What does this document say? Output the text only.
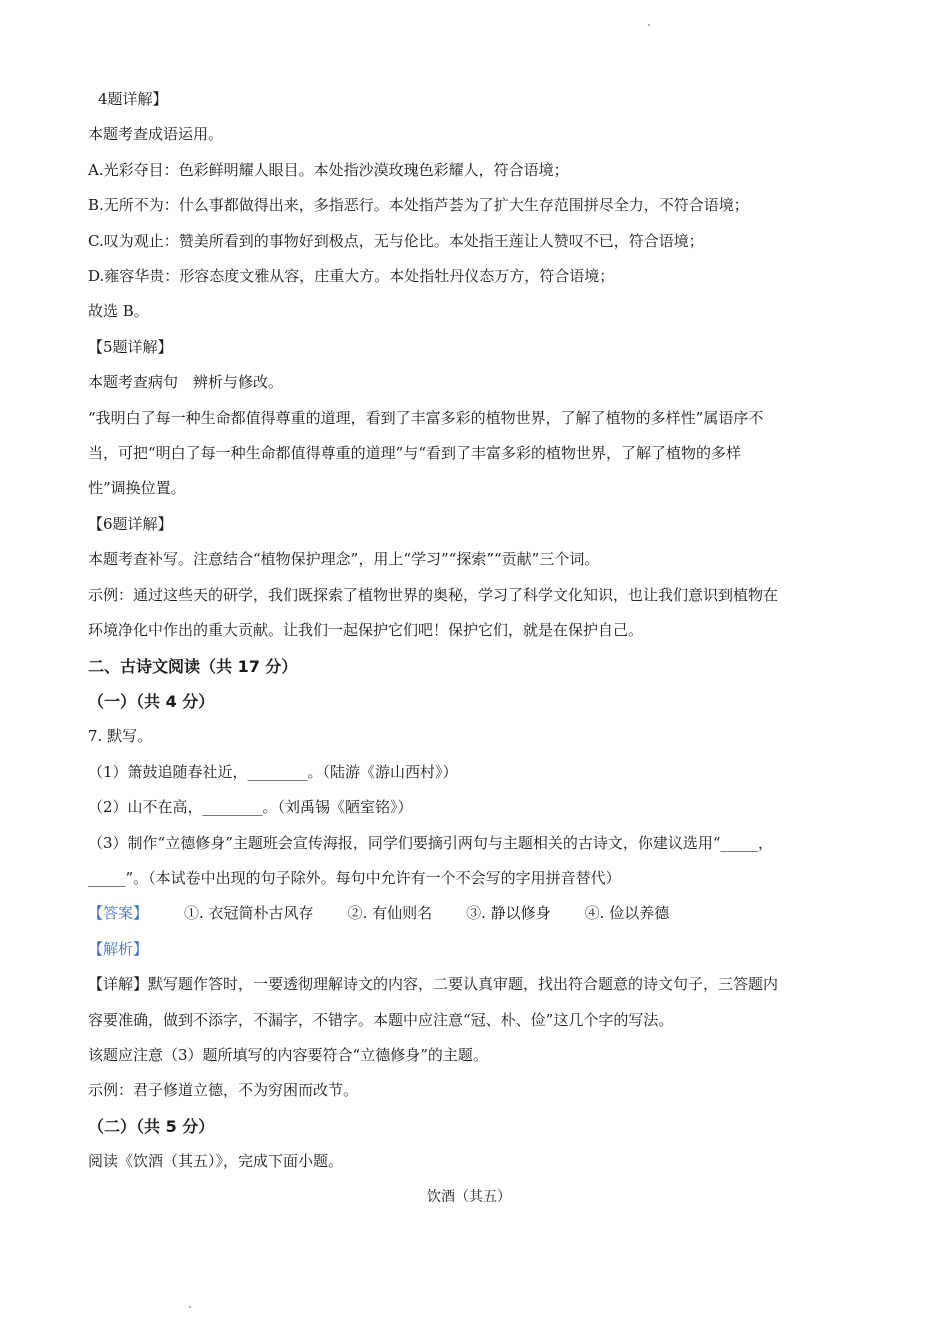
4题详解】
本题考查成语运用。
A.光彩夺目：色彩鲜明耀人眼目。本处指沙漠玫瑰色彩耀人，符合语境；
B.无所不为：什么事都做得出来，多指恶行。本处指芦荟为了扩大生存范围拼尽全力，不符合语境；
C.叹为观止：赞美所看到的事物好到极点，无与伦比。本处指王莲让人赞叹不已，符合语境；
D.雍容华贵：形容态度文雅从容，庄重大方。本处指牡丹仪态万方，符合语境；
故选 B。
【5题详解】
本题考查病句　辨析与修改。
“我明白了每一种生命都值得尊重的道理，看到了丰富多彩的植物世界，了解了植物的多样性”属语序不
当，可把“明白了每一种生命都值得尊重的道理”与“看到了丰富多彩的植物世界，了解了植物的多样
性”调换位置。
【6题详解】
本题考查补写。注意结合“植物保护理念”，用上“学习”“探索”“贡献”三个词。
示例：通过这些天的研学，我们既探索了植物世界的奥秘，学习了科学文化知识，也让我们意识到植物在
环境净化中作出的重大贡献。让我们一起保护它们吧！保护它们，就是在保护自己。
二、古诗文阅读（共 17 分）
（一）（共 4 分）
7. 默写。
（1）箫鼓追随春社近，________。（陆游《游山西村》）
（2）山不在高，________。（刘禹锡《陋室铭》）
（3）制作“立德修身”主题班会宣传海报，同学们要摘引两句与主题相关的古诗文，你建议选用“_____，
_____”。（本试卷中出现的句子除外。每句中允许有一个不会写的字用拼音替代）
【答案】 ①. 衣冠简朴古风存 ②. 有仙则名 ③. 静以修身 ④. 俭以养德
【解析】
【详解】默写题作答时，一要透彻理解诗文的内容，二要认真审题，找出符合题意的诗文句子，三答题内
容要准确，做到不添字，不漏字，不错字。本题中应注意“冠、朴、俭”这几个字的写法。
该题应注意（3）题所填写的内容要符合“立德修身”的主题。
示例：君子修道立德，不为穷困而改节。
（二）（共 5 分）
阅读《饮酒（其五）》，完成下面小题。
饮酒（其五）
